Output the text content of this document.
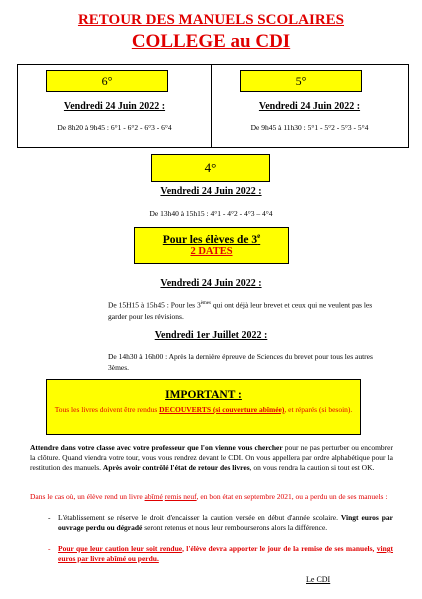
RETOUR DES MANUELS SCOLAIRES
COLLEGE au CDI
6°
Vendredi 24 Juin 2022 :
De 8h20 à 9h45 : 6°1 - 6°2 - 6°3 - 6°4
5°
Vendredi 24 Juin 2022 :
De 9h45 à 11h30 : 5°1 - 5°2 - 5°3 - 5°4
4°
Vendredi 24 Juin 2022 :
De 13h40 à 15h15 : 4°1 - 4°2 - 4°3 – 4°4
Pour les élèves de 3e
2 DATES
Vendredi 24 Juin 2022 :
De 15H15 à 15h45 : Pour les 3èmes qui ont déjà leur brevet et ceux qui ne veulent pas les garder pour les révisions.
Vendredi 1er Juillet 2022 :
De 14h30 à 16h00 : Après la dernière épreuve de Sciences du brevet pour tous les autres 3èmes.
IMPORTANT :
Tous les livres doivent être rendus DECOUVERTS (si couverture abîmée), et réparés (si besoin).
Attendre dans votre classe avec votre professeur que l'on vienne vous chercher pour ne pas perturber ou encombrer la clôture. Quand viendra votre tour, vous vous rendrez devant le CDI. On vous appellera par ordre alphabétique pour la restitution des manuels. Après avoir contrôlé l'état de retour des livres, on vous rendra la caution si tout est OK.
Dans le cas où, un élève rend un livre abîmé remis neuf, en bon état en septembre 2021, ou a perdu un de ses manuels :
- L'établissement se réserve le droit d'encaisser la caution versée en début d'année scolaire. Vingt euros par ouvrage perdu ou dégradé seront retenus et nous leur rembourserons alors la différence.
- Pour que leur caution leur soit rendue, l'élève devra apporter le jour de la remise de ses manuels, vingt euros par livre abîmé ou perdu.
Le CDI
